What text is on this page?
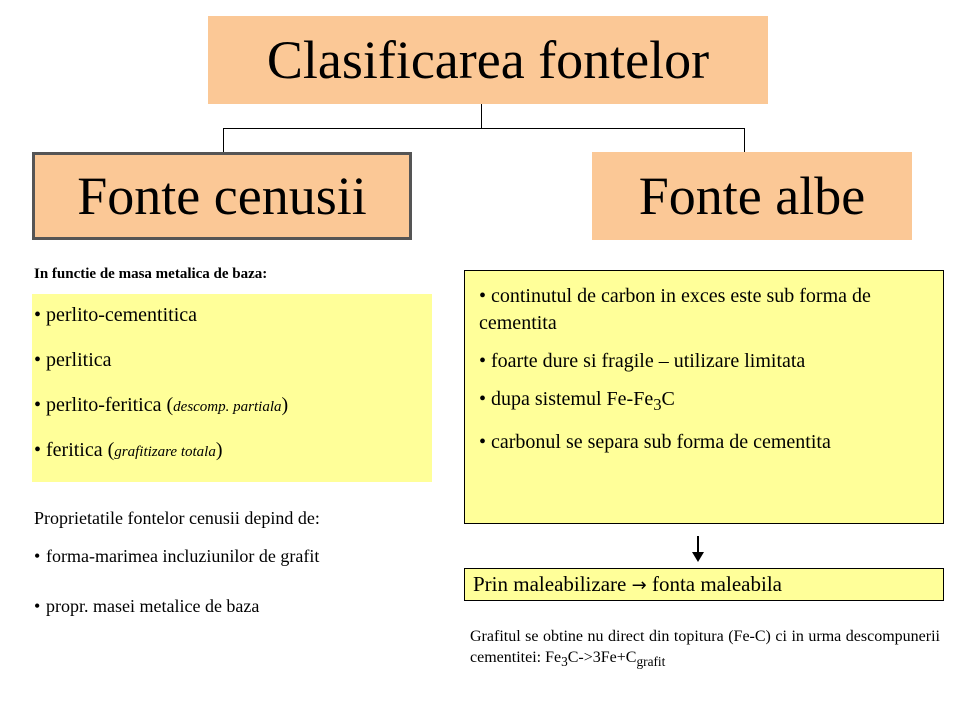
Clasificarea fontelor
Fonte cenusii	Fonte albe
In functie de masa metalica de baza:
• perlito-cementitica
• perlitica
• perlito-feritica (descomp. partiala)
• feritica (grafitizare totala)
Proprietatile fontelor cenusii depind de:
• forma-marimea incluziunilor de grafit
• propr. masei metalice de baza
• continutul de carbon in exces este sub forma de cementita
• foarte dure si fragile – utilizare limitata
• dupa sistemul $Fe-Fe_3C$
• carbonul se separa sub forma de cementita
Prin maleabilizare → fonta maleabila
Grafitul se obtine nu direct din topitura (Fe-C) ci in urma descompunerii cementitei: $Fe_3C->3Fe+C_{grafit}$
